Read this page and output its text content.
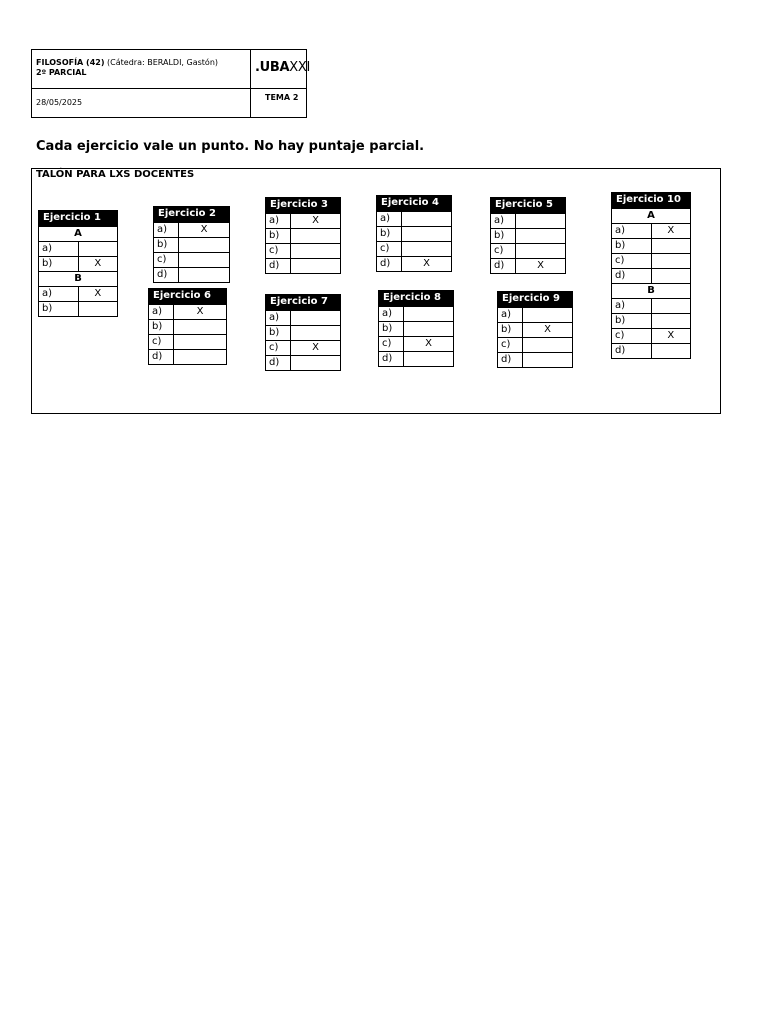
FILOSOFÍA (42) (Cátedra: BERALDI, Gastón)
2º PARCIAL
28/05/2025
.UBAXXI
TEMA 2
Cada ejercicio vale un punto. No hay puntaje parcial.
TALÓN PARA LXS DOCENTES
Ejercicio 1
A	
a)	
b)	X
B	
a)	X
b)	
Ejercicio 2
a)	X
b)	
c)	
d)	
Ejercicio 3
a)	X
b)	
c)	
d)	
Ejercicio 4
a)	
b)	
c)	
d)	X
Ejercicio 5
a)	
b)	
c)	
d)	X
Ejercicio 6
a)	X
b)	
c)	
d)	
Ejercicio 7
a)	
b)	
c)	X
d)	
Ejercicio 8
a)	
b)	
c)	X
d)	
Ejercicio 9
a)	
b)	X
c)	
d)	
Ejercicio 10
A	
a)	X
b)	
c)	
d)	
B	
a)	
b)	
c)	X
d)	
